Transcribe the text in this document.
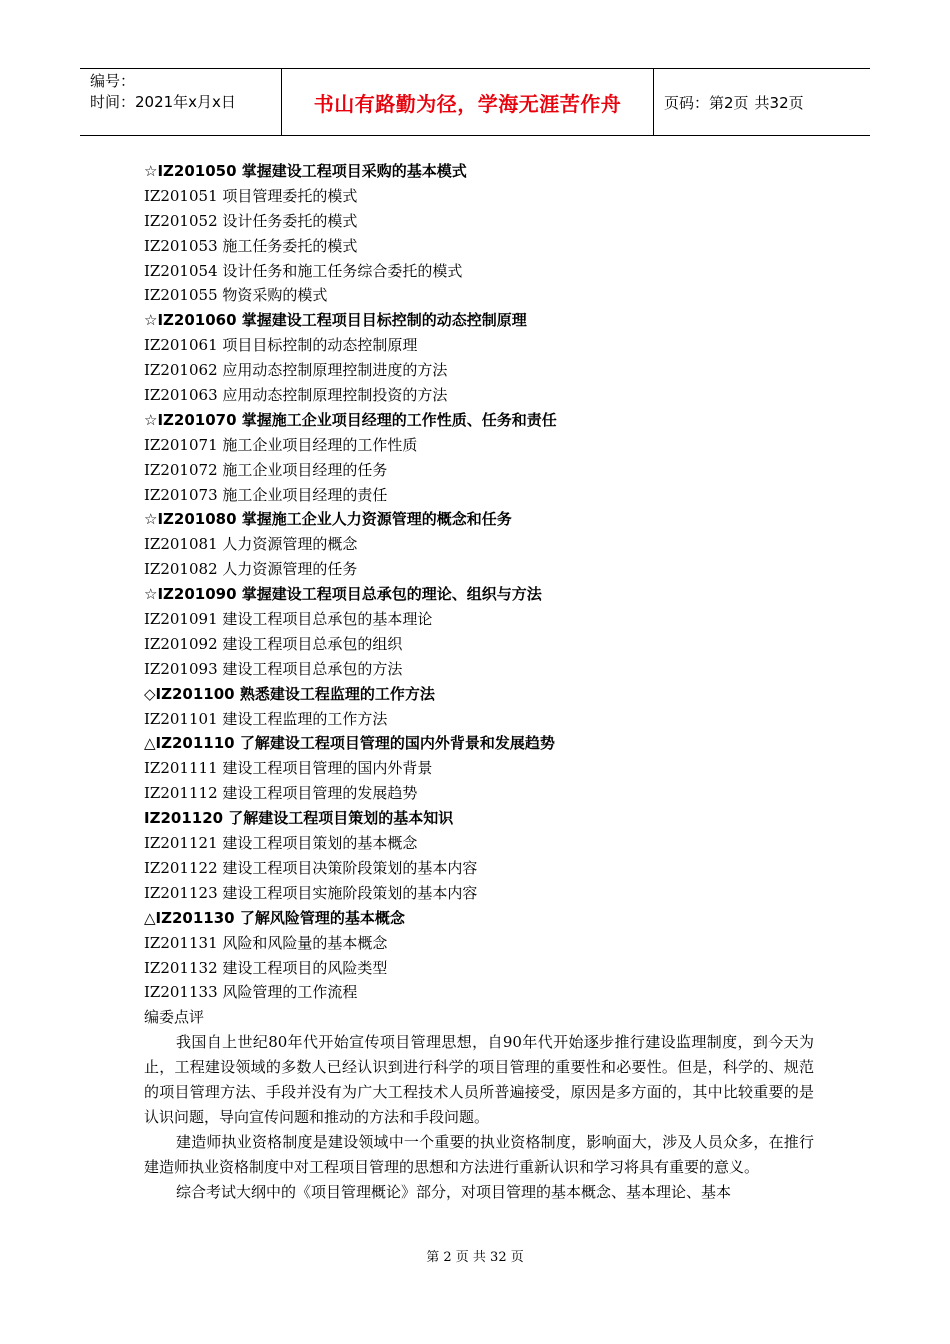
编号：
时间：2021年x月x日	书山有路勤为径，学海无涯苦作舟	页码：第2页 共32页
☆IZ201050 掌握建设工程项目采购的基本模式
IZ201051 项目管理委托的模式
IZ201052 设计任务委托的模式
IZ201053 施工任务委托的模式
IZ201054 设计任务和施工任务综合委托的模式
IZ201055 物资采购的模式
☆IZ201060 掌握建设工程项目目标控制的动态控制原理
IZ201061 项目目标控制的动态控制原理
IZ201062 应用动态控制原理控制进度的方法
IZ201063 应用动态控制原理控制投资的方法
☆IZ201070 掌握施工企业项目经理的工作性质、任务和责任
IZ201071 施工企业项目经理的工作性质
IZ201072 施工企业项目经理的任务
IZ201073 施工企业项目经理的责任
☆IZ201080 掌握施工企业人力资源管理的概念和任务
IZ201081 人力资源管理的概念
IZ201082 人力资源管理的任务
☆IZ201090 掌握建设工程项目总承包的理论、组织与方法
IZ201091 建设工程项目总承包的基本理论
IZ201092 建设工程项目总承包的组织
IZ201093 建设工程项目总承包的方法
◇IZ201100 熟悉建设工程监理的工作方法
IZ201101 建设工程监理的工作方法
△IZ201110 了解建设工程项目管理的国内外背景和发展趋势
IZ201111 建设工程项目管理的国内外背景
IZ201112 建设工程项目管理的发展趋势
IZ201120 了解建设工程项目策划的基本知识
IZ201121 建设工程项目策划的基本概念
IZ201122 建设工程项目决策阶段策划的基本内容
IZ201123 建设工程项目实施阶段策划的基本内容
△IZ201130 了解风险管理的基本概念
IZ201131 风险和风险量的基本概念
IZ201132 建设工程项目的风险类型
IZ201133 风险管理的工作流程
编委点评

我国自上世纪80年代开始宣传项目管理思想，自90年代开始逐步推行建设监理制度，到今天为止，工程建设领域的多数人已经认识到进行科学的项目管理的重要性和必要性。但是，科学的、规范的项目管理方法、手段并没有为广大工程技术人员所普遍接受，原因是多方面的，其中比较重要的是认识问题，导向宣传问题和推动的方法和手段问题。

建造师执业资格制度是建设领域中一个重要的执业资格制度，影响面大，涉及人员众多，在推行建造师执业资格制度中对工程项目管理的思想和方法进行重新认识和学习将具有重要的意义。

综合考试大纲中的《项目管理概论》部分，对项目管理的基本概念、基本理论、基本

第 2 页 共 32 页
